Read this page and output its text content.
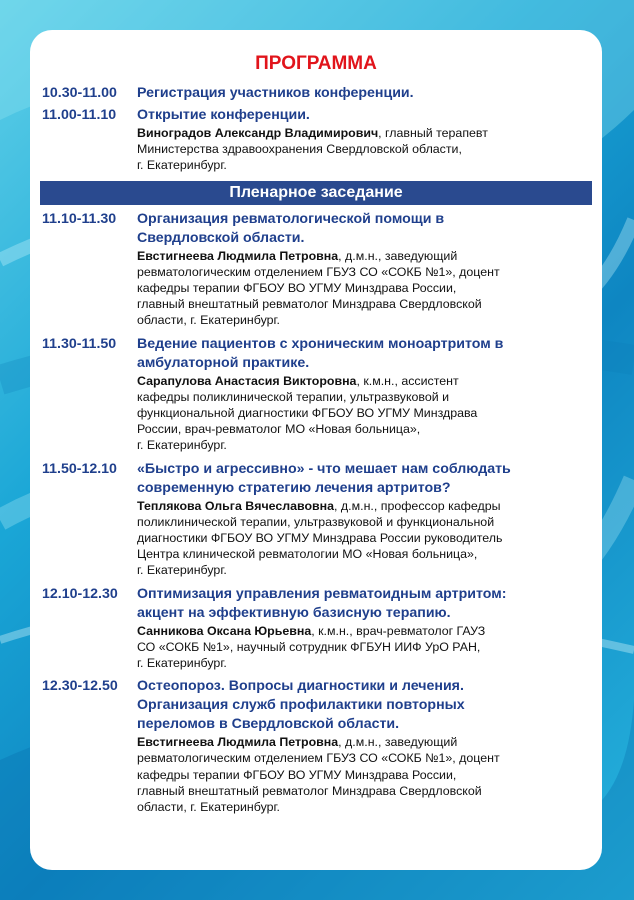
ПРОГРАММА
10.30-11.00	Регистрация участников конференции.
11.00-11.10	Открытие конференции.
Виноградов Александр Владимирович, главный терапевт
Министерства здравоохранения Свердловской области,
г. Екатеринбург.
Пленарное заседание
11.10-11.30	Организация ревматологической помощи в
Свердловской области.
Евстигнеева Людмила Петровна, д.м.н., заведующий
ревматологическим отделением ГБУЗ СО «СОКБ №1», доцент
кафедры терапии ФГБОУ ВО УГМУ Минздрава России,
главный внештатный ревматолог Минздрава Свердловской
области, г. Екатеринбург.
11.30-11.50	Ведение пациентов с хроническим моноартритом в
амбулаторной практике.
Сарапулова Анастасия Викторовна, к.м.н., ассистент
кафедры поликлинической терапии, ультразвуковой и
функциональной диагностики ФГБОУ ВО УГМУ Минздрава
России, врач-ревматолог МО «Новая больница»,
г. Екатеринбург.
11.50-12.10	«Быстро и агрессивно» - что мешает нам соблюдать
современную стратегию лечения артритов?
Теплякова Ольга Вячеславовна, д.м.н., профессор кафедры
поликлинической терапии, ультразвуковой и функциональной
диагностики ФГБОУ ВО УГМУ Минздрава России руководитель
Центра клинической ревматологии МО «Новая больница»,
г. Екатеринбург.
12.10-12.30	Оптимизация управления ревматоидным артритом:
акцент на эффективную базисную терапию.
Санникова Оксана Юрьевна, к.м.н., врач-ревматолог ГАУЗ
СО «СОКБ №1», научный сотрудник ФГБУН ИИФ УрО РАН,
г. Екатеринбург.
12.30-12.50	Остеопороз. Вопросы диагностики и лечения.
Организация служб профилактики повторных
переломов в Свердловской области.
Евстигнеева Людмила Петровна, д.м.н., заведующий
ревматологическим отделением ГБУЗ СО «СОКБ №1», доцент
кафедры терапии ФГБОУ ВО УГМУ Минздрава России,
главный внештатный ревматолог Минздрава Свердловской
области, г. Екатеринбург.
